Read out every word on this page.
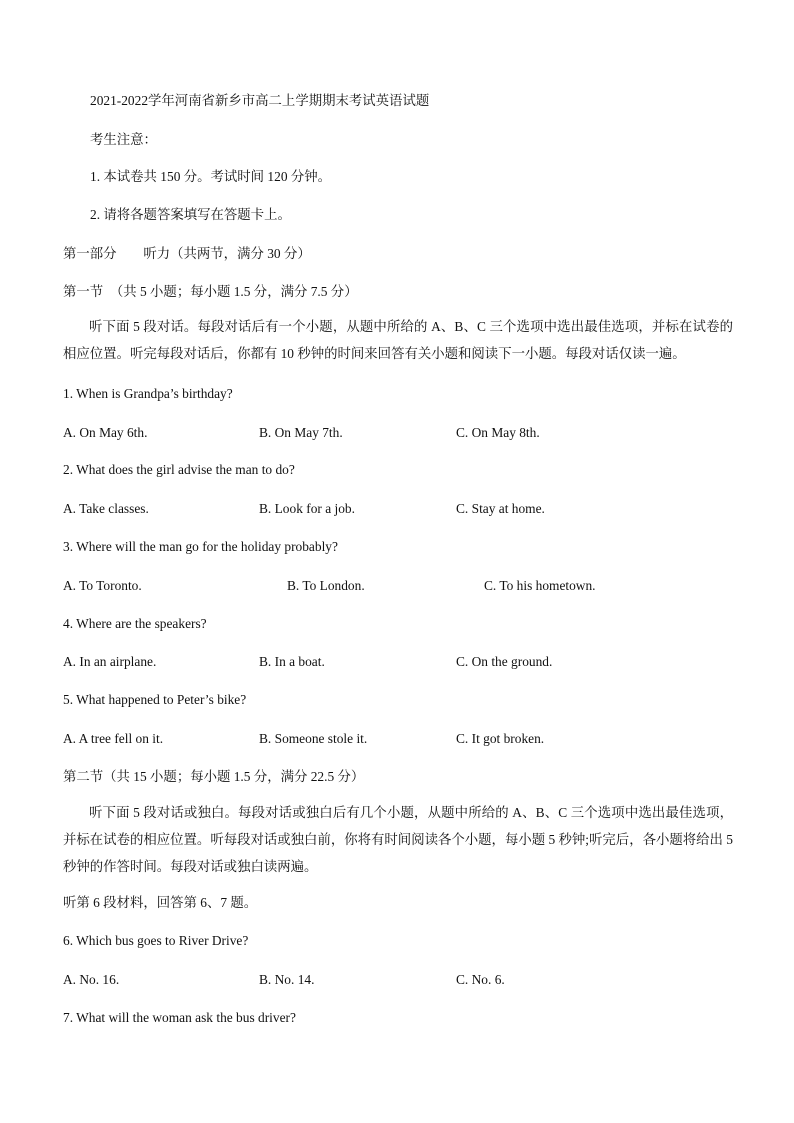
2021-2022学年河南省新乡市高二上学期期末考试英语试题
考生注意：
1. 本试卷共 150 分。考试时间 120 分钟。
2. 请将各题答案填写在答题卡上。
第一部分　　听力（共两节，满分 30 分）
第一节　（共 5 小题；每小题 1.5 分，满分 7.5 分）
听下面 5 段对话。每段对话后有一个小题，从题中所给的 A、B、C 三个选项中选出最佳选项，并标在试卷的相应位置。听完每段对话后，你都有 10 秒钟的时间来回答有关小题和阅读下一小题。每段对话仅读一遍。
1. When is Grandpa’s birthday?
A. On May 6th.	B. On May 7th.	C. On May 8th.
2. What does the girl advise the man to do?
A. Take classes.	B. Look for a job.	C. Stay at home.
3. Where will the man go for the holiday probably?
A. To Toronto.	B. To London.	C. To his hometown.
4. Where are the speakers?
A. In an airplane.	B. In a boat.	C. On the ground.
5. What happened to Peter’s bike?
A. A tree fell on it.	B. Someone stole it.	C. It got broken.
第二节（共 15 小题；每小题 1.5 分，满分 22.5 分）
听下面 5 段对话或独白。每段对话或独白后有几个小题，从题中所给的 A、B、C 三个选项中选出最佳选项，并标在试卷的相应位置。听每段对话或独白前，你将有时间阅读各个小题，每小题 5 秒钟;听完后，各小题将给出 5 秒钟的作答时间。每段对话或独白读两遍。
听第 6 段材料，回答第 6、7 题。
6. Which bus goes to River Drive?
A. No. 16.	B. No. 14.	C. No. 6.
7. What will the woman ask the bus driver?
